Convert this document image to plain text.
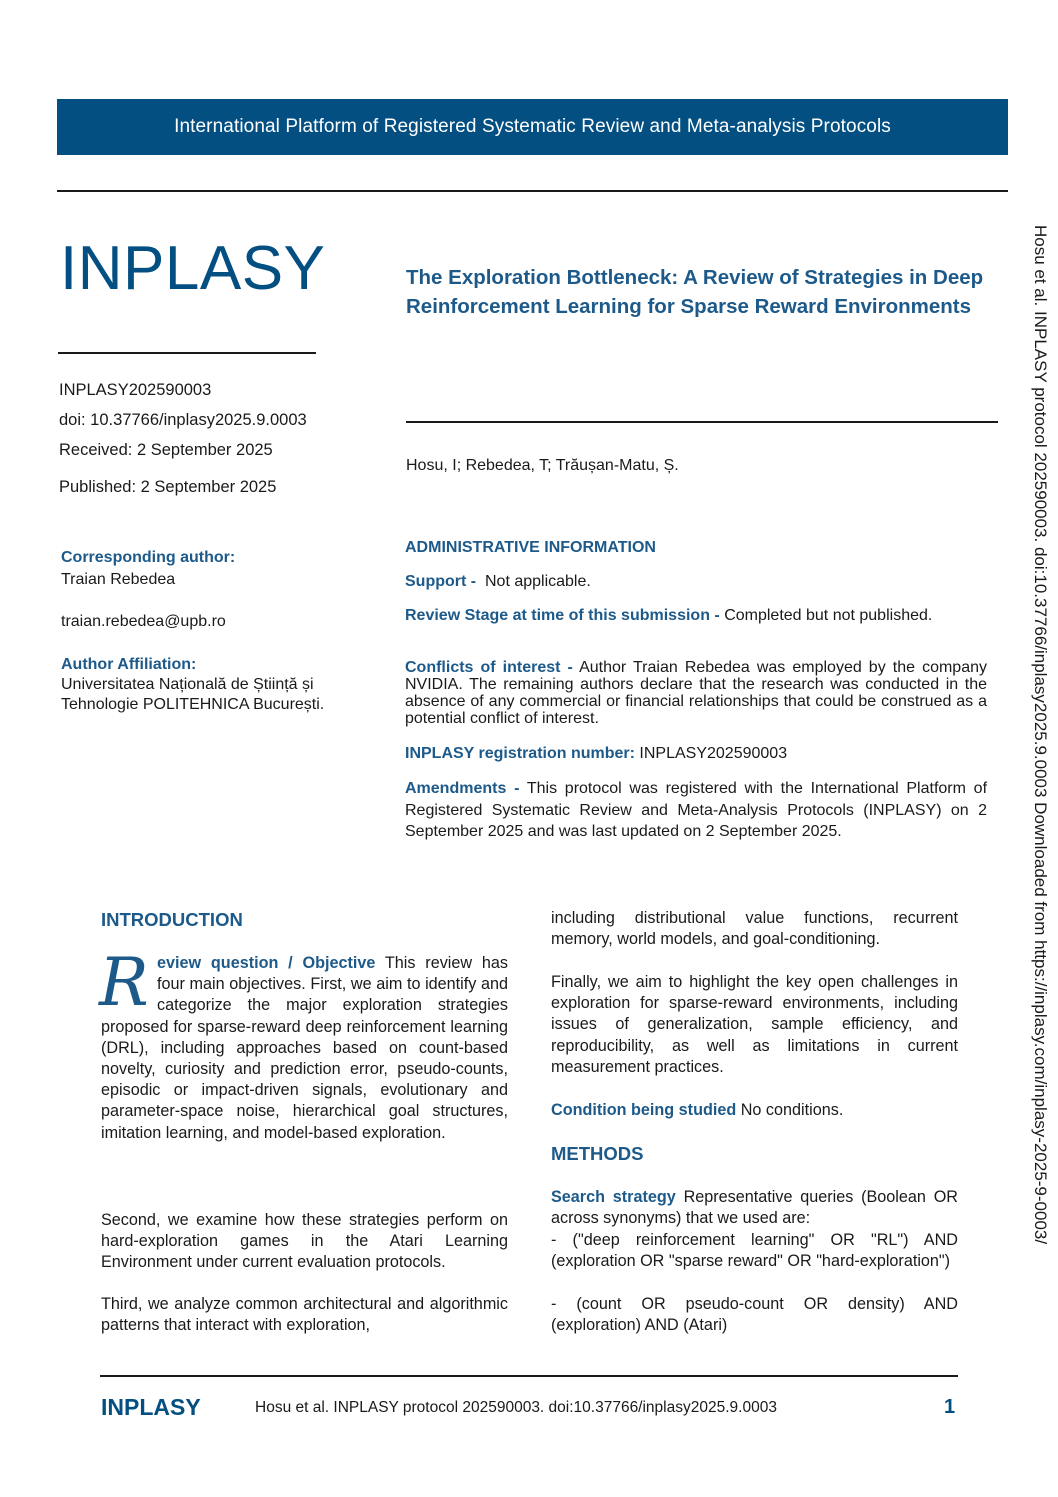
International Platform of Registered Systematic Review and Meta-analysis Protocols
INPLASY
INPLASY202590003
doi: 10.37766/inplasy2025.9.0003
Received: 2 September 2025
Published: 2 September 2025
The Exploration Bottleneck: A Review of Strategies in Deep Reinforcement Learning for Sparse Reward Environments
Hosu, I; Rebedea, T; Trăușan-Matu, Ș.
Corresponding author:
Traian Rebedea
traian.rebedea@upb.ro
Author Affiliation:
Universitatea Națională de Știință și
Tehnologie POLITEHNICA București.
ADMINISTRATIVE INFORMATION
Support - Not applicable.
Review Stage at time of this submission - Completed but not published.
Conflicts of interest - Author Traian Rebedea was employed by the company NVIDIA. The remaining authors declare that the research was conducted in the absence of any commercial or financial relationships that could be construed as a potential conflict of interest.
INPLASY registration number: INPLASY202590003
Amendments - This protocol was registered with the International Platform of Registered Systematic Review and Meta-Analysis Protocols (INPLASY) on 2 September 2025 and was last updated on 2 September 2025.
INTRODUCTION
R eview question / Objective This review has four main objectives. First, we aim to identify and categorize the major exploration strategies proposed for sparse-reward deep reinforcement learning (DRL), including approaches based on count-based novelty, curiosity and prediction error, pseudo-counts, episodic or impact-driven signals, evolutionary and parameter-space noise, hierarchical goal structures, imitation learning, and model-based exploration.
Second, we examine how these strategies perform on hard-exploration games in the Atari Learning Environment under current evaluation protocols.
Third, we analyze common architectural and algorithmic patterns that interact with exploration,
including distributional value functions, recurrent memory, world models, and goal-conditioning.
Finally, we aim to highlight the key open challenges in exploration for sparse-reward environments, including issues of generalization, sample efficiency, and reproducibility, as well as limitations in current measurement practices.
Condition being studied No conditions.
METHODS
Search strategy Representative queries (Boolean OR across synonyms) that we used are:
- ("deep reinforcement learning" OR "RL") AND (exploration OR "sparse reward" OR "hard-exploration")
- (count OR pseudo-count OR density) AND (exploration) AND (Atari)
Hosu et al. INPLASY protocol 202590003. doi:10.37766/inplasy2025.9.0003 Downloaded from https://inplasy.com/inplasy-2025-9-0003/
INPLASY	Hosu et al. INPLASY protocol 202590003. doi:10.37766/inplasy2025.9.0003	1
